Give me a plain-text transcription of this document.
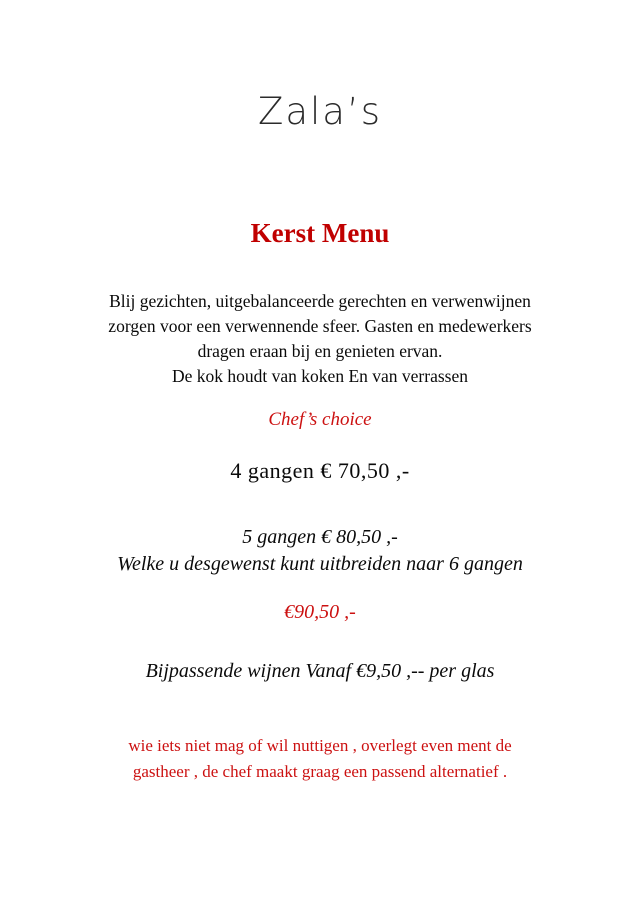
Zala’s
Kerst Menu
Blij gezichten, uitgebalanceerde gerechten en verwenwijnen
zorgen voor een verwennende sfeer. Gasten en medewerkers
dragen eraan bij en genieten ervan.
De kok houdt van koken En van verrassen
Chef’s choice
4 gangen € 70,50 ,-
5 gangen € 80,50 ,-
Welke u desgewenst kunt uitbreiden naar 6 gangen
€90,50 ,-
Bijpassende wijnen Vanaf €9,50 ,-- per glas
wie iets niet mag of wil nuttigen , overlegt even ment de
gastheer , de chef maakt graag een passend alternatief .
